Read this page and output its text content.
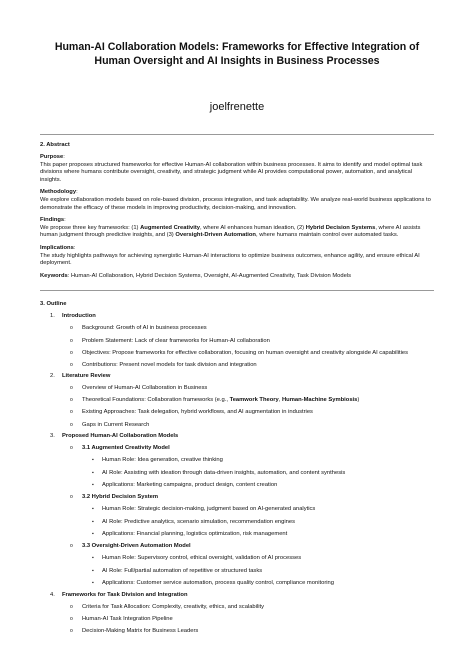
Human-AI Collaboration Models: Frameworks for Effective Integration of Human Oversight and AI Insights in Business Processes
joelfrenette
2. Abstract
Purpose:

This paper proposes structured frameworks for effective Human-AI collaboration within business processes. It aims to identify and model optimal task divisions where humans contribute oversight, creativity, and strategic judgment while AI provides computational power, automation, and analytical insights.

Methodology:

We explore collaboration models based on role-based division, process integration, and task adaptability. We analyze real-world business applications to demonstrate the efficacy of these models in improving productivity, decision-making, and innovation.

Findings:

We propose three key frameworks: (1) Augmented Creativity, where AI enhances human ideation, (2) Hybrid Decision Systems, where AI assists human judgment through predictive insights, and (3) Oversight-Driven Automation, where humans maintain control over automated tasks.

Implications:

The study highlights pathways for achieving synergistic Human-AI interactions to optimize business outcomes, enhance agility, and ensure ethical AI deployment.

Keywords: Human-AI Collaboration, Hybrid Decision Systems, Oversight, AI-Augmented Creativity, Task Division Models
3. Outline
1. Introduction
o Background: Growth of AI in business processes
o Problem Statement: Lack of clear frameworks for Human-AI collaboration
o Objectives: Propose frameworks for effective collaboration, focusing on human oversight and creativity alongside AI capabilities
o Contributions: Present novel models for task division and integration
2. Literature Review
o Overview of Human-AI Collaboration in Business
o Theoretical Foundations: Collaboration frameworks (e.g., Teamwork Theory, Human-Machine Symbiosis)
o Existing Approaches: Task delegation, hybrid workflows, and AI augmentation in industries
o Gaps in Current Research
3. Proposed Human-AI Collaboration Models
o 3.1 Augmented Creativity Model
▪ Human Role: Idea generation, creative thinking
▪ AI Role: Assisting with ideation through data-driven insights, automation, and content synthesis
▪ Applications: Marketing campaigns, product design, content creation
o 3.2 Hybrid Decision System
▪ Human Role: Strategic decision-making, judgment based on AI-generated analytics
▪ AI Role: Predictive analytics, scenario simulation, recommendation engines
▪ Applications: Financial planning, logistics optimization, risk management
o 3.3 Oversight-Driven Automation Model
▪ Human Role: Supervisory control, ethical oversight, validation of AI processes
▪ AI Role: Full/partial automation of repetitive or structured tasks
▪ Applications: Customer service automation, process quality control, compliance monitoring
4. Frameworks for Task Division and Integration
o Criteria for Task Allocation: Complexity, creativity, ethics, and scalability
o Human-AI Task Integration Pipeline
o Decision-Making Matrix for Business Leaders
